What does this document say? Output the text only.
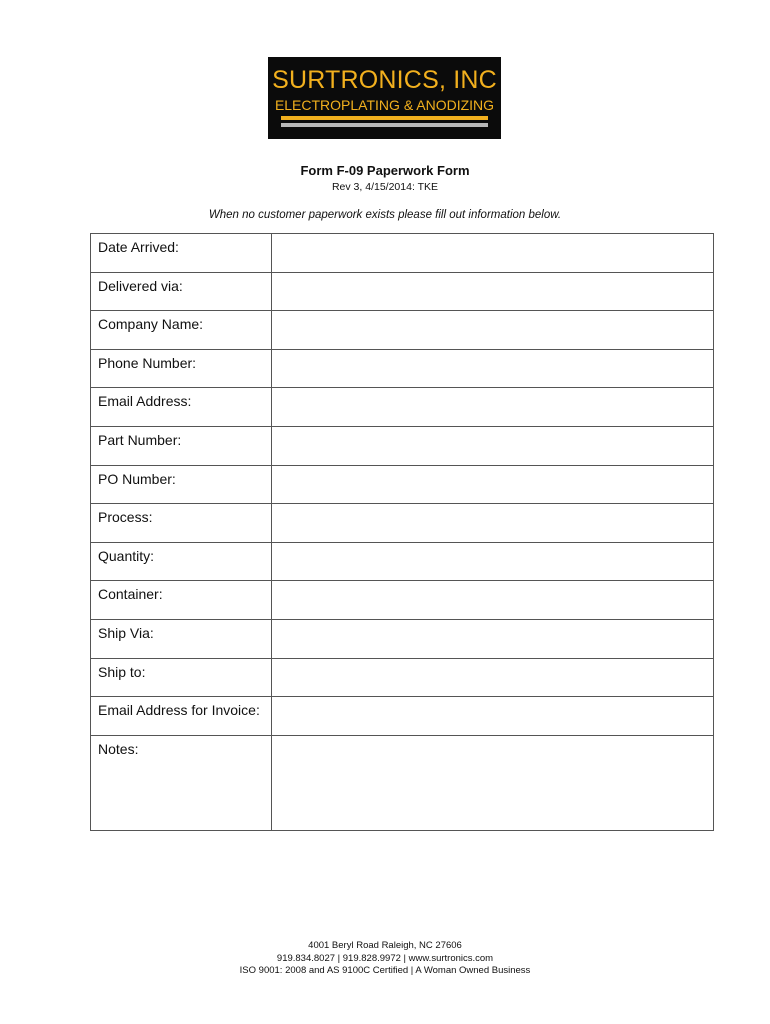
SURTRONICS, INC
ELECTROPLATING & ANODIZING
Form F-09 Paperwork Form
Rev 3, 4/15/2014: TKE
When no customer paperwork exists please fill out information below.
Date Arrived:	

Delivered via:	

Company Name:	

Phone Number:	

Email Address:	

Part Number:	

PO Number:	

Process:	

Quantity:	

Container:	

Ship Via:	

Ship to:	

Email Address for Invoice:	

Notes:	
4001 Beryl Road Raleigh, NC 27606
919.834.8027 | 919.828.9972 | www.surtronics.com
ISO 9001: 2008 and AS 9100C Certified | A Woman Owned Business
